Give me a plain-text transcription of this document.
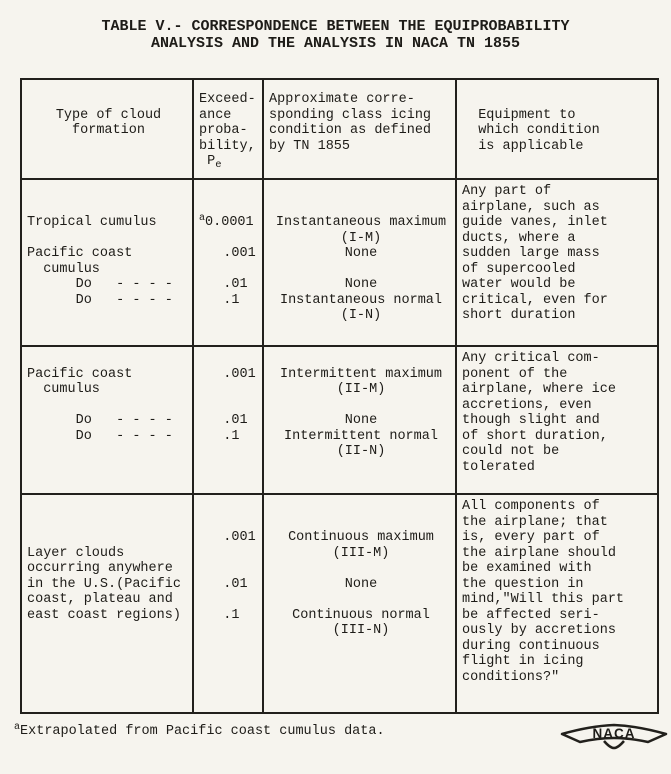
TABLE V.- CORRESPONDENCE BETWEEN THE EQUIPROBABILITY
ANALYSIS AND THE ANALYSIS IN NACA TN 1855

Type of cloud
formation
Exceed-
ance
proba-
bility,
$P_e$
Approximate corre-
sponding class icing
condition as defined
by TN 1855

Equipment to
which condition
is applicable

Tropical cumulus

Pacific coast
cumulus
Do   - - - -
Do   - - - -

$^a$0.0001

.001

.01
.1

Instantaneous maximum
(I-M)
None

None
Instantaneous normal
(I-N)
Any part of
airplane, such as
guide vanes, inlet
ducts, where a
sudden large mass
of supercooled
water would be
critical, even for
short duration

Pacific coast
cumulus

Do   - - - -
Do   - - - -

.001

.01
.1

Intermittent maximum
(II-M)

None
Intermittent normal
(II-N)
Any critical com-
ponent of the
airplane, where ice
accretions, even
though slight and
of short duration,
could not be
tolerated

Layer clouds
occurring anywhere
in the U.S.(Pacific
coast, plateau and
east coast regions)

.001

.01

.1

Continuous maximum
(III-M)

None

Continuous normal
(III-N)
All components of
the airplane; that
is, every part of
the airplane should
be examined with
the question in
mind,"Will this part
be affected seri-
ously by accretions
during continuous
flight in icing
conditions?"
$^a$Extrapolated from Pacific coast cumulus data.	NACA
